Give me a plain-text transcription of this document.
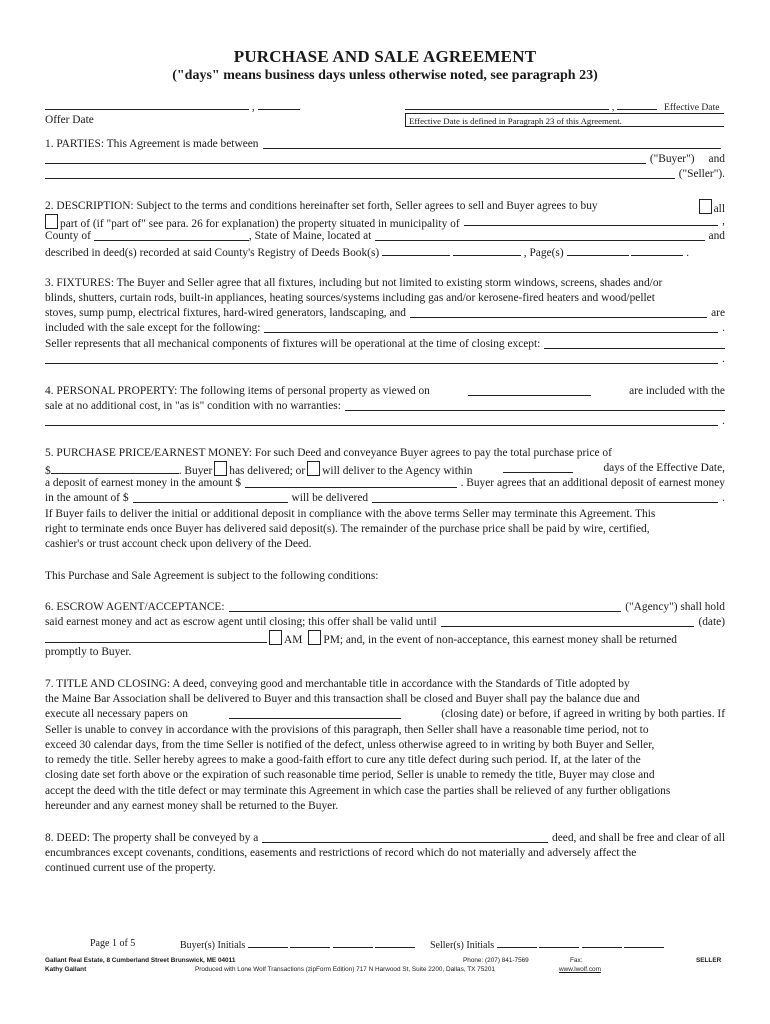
PURCHASE AND SALE AGREEMENT
("days" means business days unless otherwise noted, see paragraph 23)
,
Offer Date
,	Effective Date
Effective Date is defined in Paragraph 23 of this Agreement.
1. PARTIES: This Agreement is made between
("Buyer") and
("Seller").
2. DESCRIPTION: Subject to the terms and conditions hereinafter set forth, Seller agrees to sell and Buyer agrees to buy	all
part of (if "part of" see para. 26 for explanation) the property situated in municipality of	,
County of	, State of Maine, located at	and
described in deed(s) recorded at said County's Registry of Deeds Book(s)	, Page(s)	.
3. FIXTURES: The Buyer and Seller agree that all fixtures, including but not limited to existing storm windows, screens, shades and/or
blinds, shutters, curtain rods, built-in appliances, heating sources/systems including gas and/or kerosene-fired heaters and wood/pellet
stoves, sump pump, electrical fixtures, hard-wired generators, landscaping, and	are
included with the sale except for the following:	.
Seller represents that all mechanical components of fixtures will be operational at the time of closing except:
.
4. PERSONAL PROPERTY: The following items of personal property as viewed on	are included with the
sale at no additional cost, in "as is" condition with no warranties:
.
5. PURCHASE PRICE/EARNEST MONEY: For such Deed and conveyance Buyer agrees to pay the total purchase price of
$	. Buyer has delivered; or will deliver to the Agency within	days of the Effective Date,
a deposit of earnest money in the amount $	. Buyer agrees that an additional deposit of earnest money
in the amount of $	will be delivered	.
If Buyer fails to deliver the initial or additional deposit in compliance with the above terms Seller may terminate this Agreement. This
right to terminate ends once Buyer has delivered said deposit(s). The remainder of the purchase price shall be paid by wire, certified,
cashier's or trust account check upon delivery of the Deed.
This Purchase and Sale Agreement is subject to the following conditions:
6. ESCROW AGENT/ACCEPTANCE:	("Agency") shall hold
said earnest money and act as escrow agent until closing; this offer shall be valid until	(date)
AM PM; and, in the event of non-acceptance, this earnest money shall be returned
promptly to Buyer.
7. TITLE AND CLOSING: A deed, conveying good and merchantable title in accordance with the Standards of Title adopted by
the Maine Bar Association shall be delivered to Buyer and this transaction shall be closed and Buyer shall pay the balance due and
execute all necessary papers on	(closing date) or before, if agreed in writing by both parties. If
Seller is unable to convey in accordance with the provisions of this paragraph, then Seller shall have a reasonable time period, not to
exceed 30 calendar days, from the time Seller is notified of the defect, unless otherwise agreed to in writing by both Buyer and Seller,
to remedy the title. Seller hereby agrees to make a good-faith effort to cure any title defect during such period. If, at the later of the
closing date set forth above or the expiration of such reasonable time period, Seller is unable to remedy the title, Buyer may close and
accept the deed with the title defect or may terminate this Agreement in which case the parties shall be relieved of any further obligations
hereunder and any earnest money shall be returned to the Buyer.
8. DEED: The property shall be conveyed by a	deed, and shall be free and clear of all
encumbrances except covenants, conditions, easements and restrictions of record which do not materially and adversely affect the
continued current use of the property.
Page 1 of 5	Buyer(s) Initials	Seller(s) Initials
Gallant Real Estate, 8 Cumberland Street Brunswick, ME 04011	Phone: (207) 841-7569	Fax:	SELLER
Kathy Gallant	Produced with Lone Wolf Transactions (zipForm Edition) 717 N Harwood St, Suite 2200, Dallas, TX 75201	www.lwolf.com
